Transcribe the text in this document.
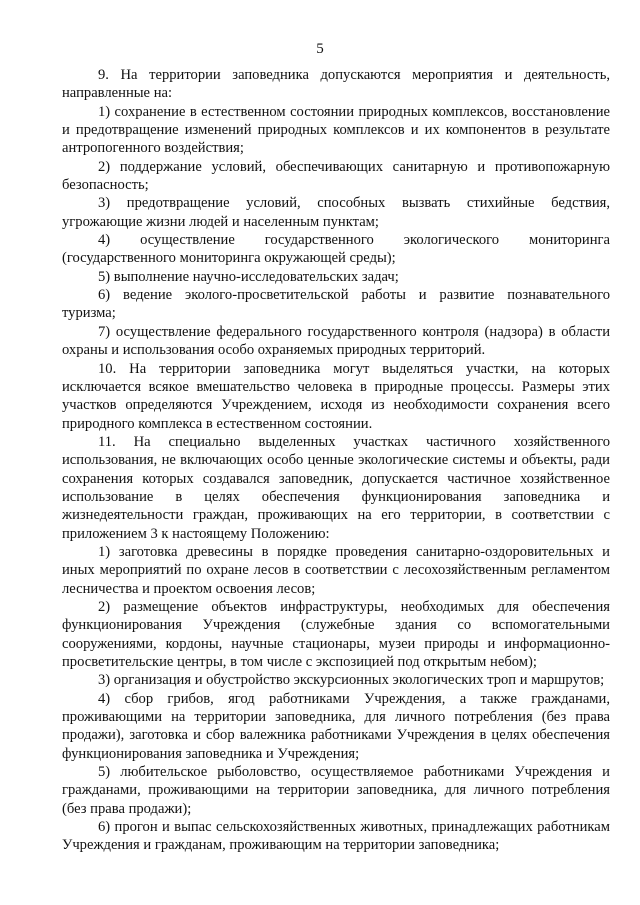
5

9. На территории заповедника допускаются мероприятия и деятельность, направленные на:

1) сохранение в естественном состоянии природных комплексов, восстановление и предотвращение изменений природных комплексов и их компонентов в результате антропогенного воздействия;

2) поддержание условий, обеспечивающих санитарную и противопожарную безопасность;

3) предотвращение условий, способных вызвать стихийные бедствия, угрожающие жизни людей и населенным пунктам;

4) осуществление государственного экологического мониторинга (государственного мониторинга окружающей среды);

5) выполнение научно-исследовательских задач;

6) ведение эколого-просветительской работы и развитие познавательного туризма;

7) осуществление федерального государственного контроля (надзора) в области охраны и использования особо охраняемых природных территорий.

10. На территории заповедника могут выделяться участки, на которых исключается всякое вмешательство человека в природные процессы. Размеры этих участков определяются Учреждением, исходя из необходимости сохранения всего природного комплекса в естественном состоянии.

11. На специально выделенных участках частичного хозяйственного использования, не включающих особо ценные экологические системы и объекты, ради сохранения которых создавался заповедник, допускается частичное хозяйственное использование в целях обеспечения функционирования заповедника и жизнедеятельности граждан, проживающих на его территории, в соответствии с приложением 3 к настоящему Положению:

1) заготовка древесины в порядке проведения санитарно-оздоровительных и иных мероприятий по охране лесов в соответствии с лесохозяйственным регламентом лесничества и проектом освоения лесов;

2) размещение объектов инфраструктуры, необходимых для обеспечения функционирования Учреждения (служебные здания со вспомогательными сооружениями, кордоны, научные стационары, музеи природы и информационно-просветительские центры, в том числе с экспозицией под открытым небом);

3) организация и обустройство экскурсионных экологических троп и маршрутов;

4) сбор грибов, ягод работниками Учреждения, а также гражданами, проживающими на территории заповедника, для личного потребления (без права продажи), заготовка и сбор валежника работниками Учреждения в целях обеспечения функционирования заповедника и Учреждения;

5) любительское рыболовство, осуществляемое работниками Учреждения и гражданами, проживающими на территории заповедника, для личного потребления (без права продажи);

6) прогон и выпас сельскохозяйственных животных, принадлежащих работникам Учреждения и гражданам, проживающим на территории заповедника;
